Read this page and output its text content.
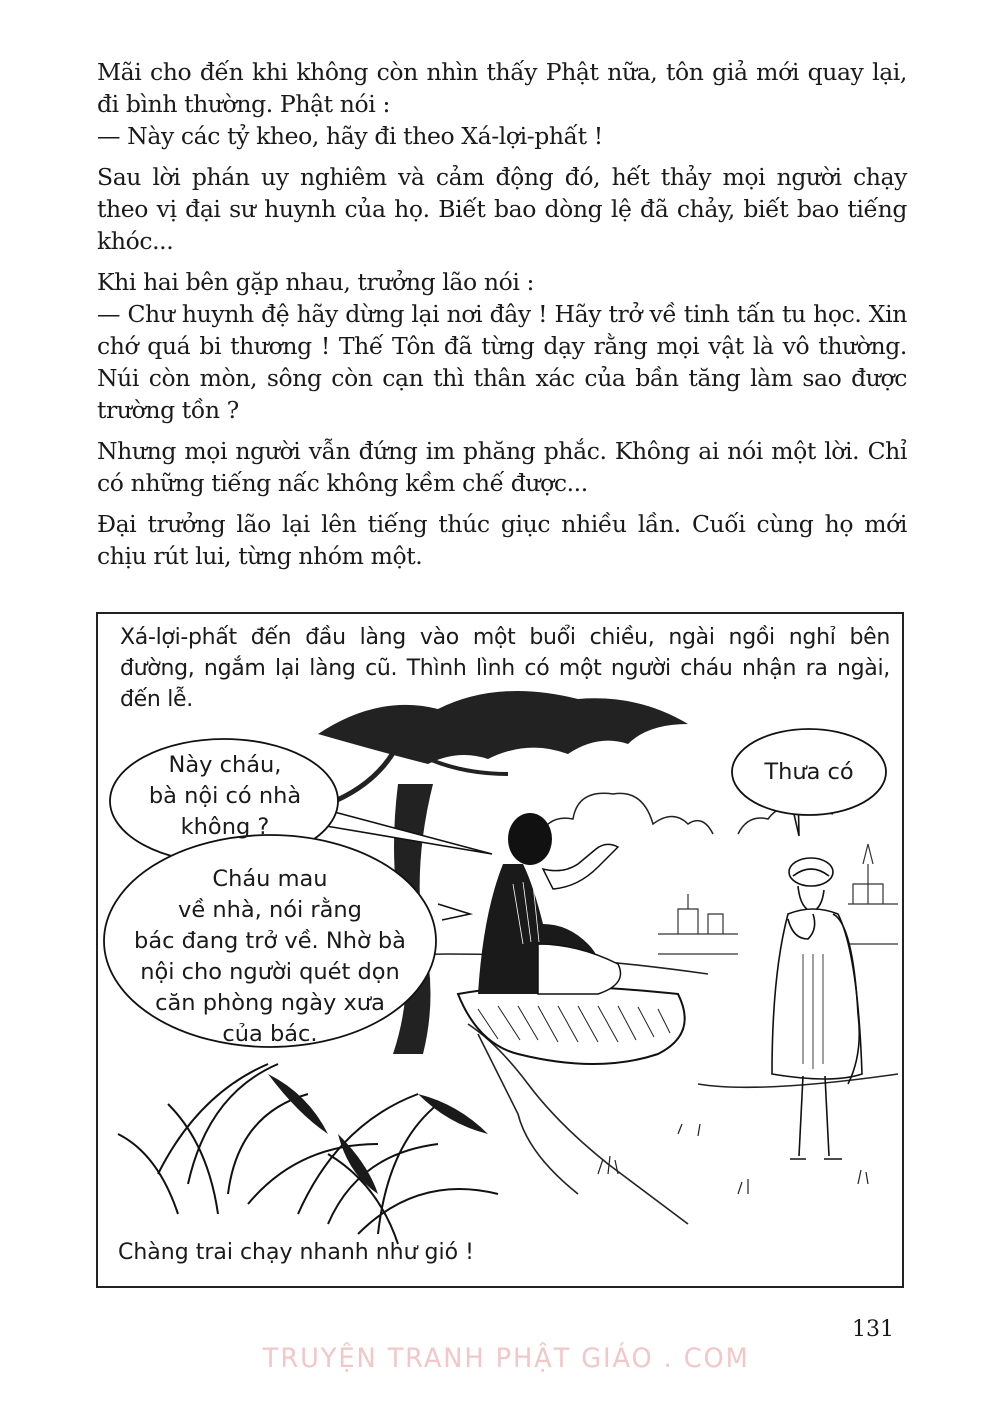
Mãi cho đến khi không còn nhìn thấy Phật nữa, tôn giả mới quay lại, đi bình thường. Phật nói :

— Này các tỷ kheo, hãy đi theo Xá-lợi-phất !

Sau lời phán uy nghiêm và cảm động đó, hết thảy mọi người chạy theo vị đại sư huynh của họ. Biết bao dòng lệ đã chảy, biết bao tiếng khóc...

Khi hai bên gặp nhau, trưởng lão nói :

— Chư huynh đệ hãy dừng lại nơi đây ! Hãy trở về tinh tấn tu học. Xin chớ quá bi thương ! Thế Tôn đã từng dạy rằng mọi vật là vô thường. Núi còn mòn, sông còn cạn thì thân xác của bần tăng làm sao được trường tồn ?

Nhưng mọi người vẫn đứng im phăng phắc. Không ai nói một lời. Chỉ có những tiếng nấc không kềm chế được...

Đại trưởng lão lại lên tiếng thúc giục nhiều lần. Cuối cùng họ mới chịu rút lui, từng nhóm một.

Xá-lợi-phất đến đầu làng vào một buổi chiều, ngài ngồi nghỉ bên đường, ngắm lại làng cũ. Thình lình có một người cháu nhận ra ngài, đến lễ.
Này cháu,
bà nội có nhà
không ?
Cháu mau
về nhà, nói rằng
bác đang trở về. Nhờ bà
nội cho người quét dọn
căn phòng ngày xưa
của bác.
Thưa có
Chàng trai chạy nhanh như gió !
131
TRUYỆN TRANH PHẬT GIÁO . COM
